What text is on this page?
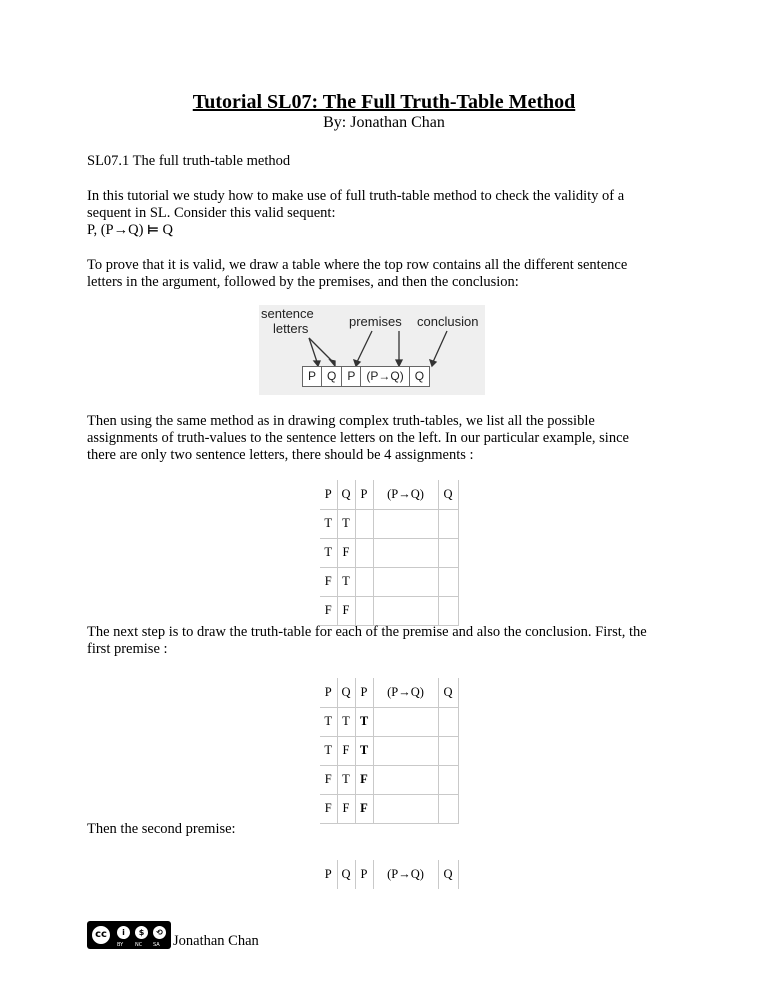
Tutorial SL07: The Full Truth-Table Method
By: Jonathan Chan
SL07.1 The full truth-table method
In this tutorial we study how to make use of full truth-table method to check the validity of a
sequent in SL. Consider this valid sequent:
P, (P→Q) ⊨ Q
To prove that it is valid, we draw a table where the top row contains all the different sentence
letters in the argument, followed by the premises, and then the conclusion:
sentence
letters	premises conclusion
P Q P (P→Q) Q
Then using the same method as in drawing complex truth-tables, we list all the possible
assignments of truth-values to the sentence letters on the left. In our particular example, since
there are only two sentence letters, there should be 4 assignments :
P	Q	P	(P→Q)	Q
T	T			
T	F			
F	T			
F	F			
The next step is to draw the truth-table for each of the premise and also the conclusion. First, the
first premise :
P	Q	P	(P→Q)	Q
T	T	T		
T	F	T		
F	T	F		
F	F	F		
Then the second premise:
P	Q	P	(P→Q)	Q
cc	i	$	⟲
BY NC SA Jonathan Chan
